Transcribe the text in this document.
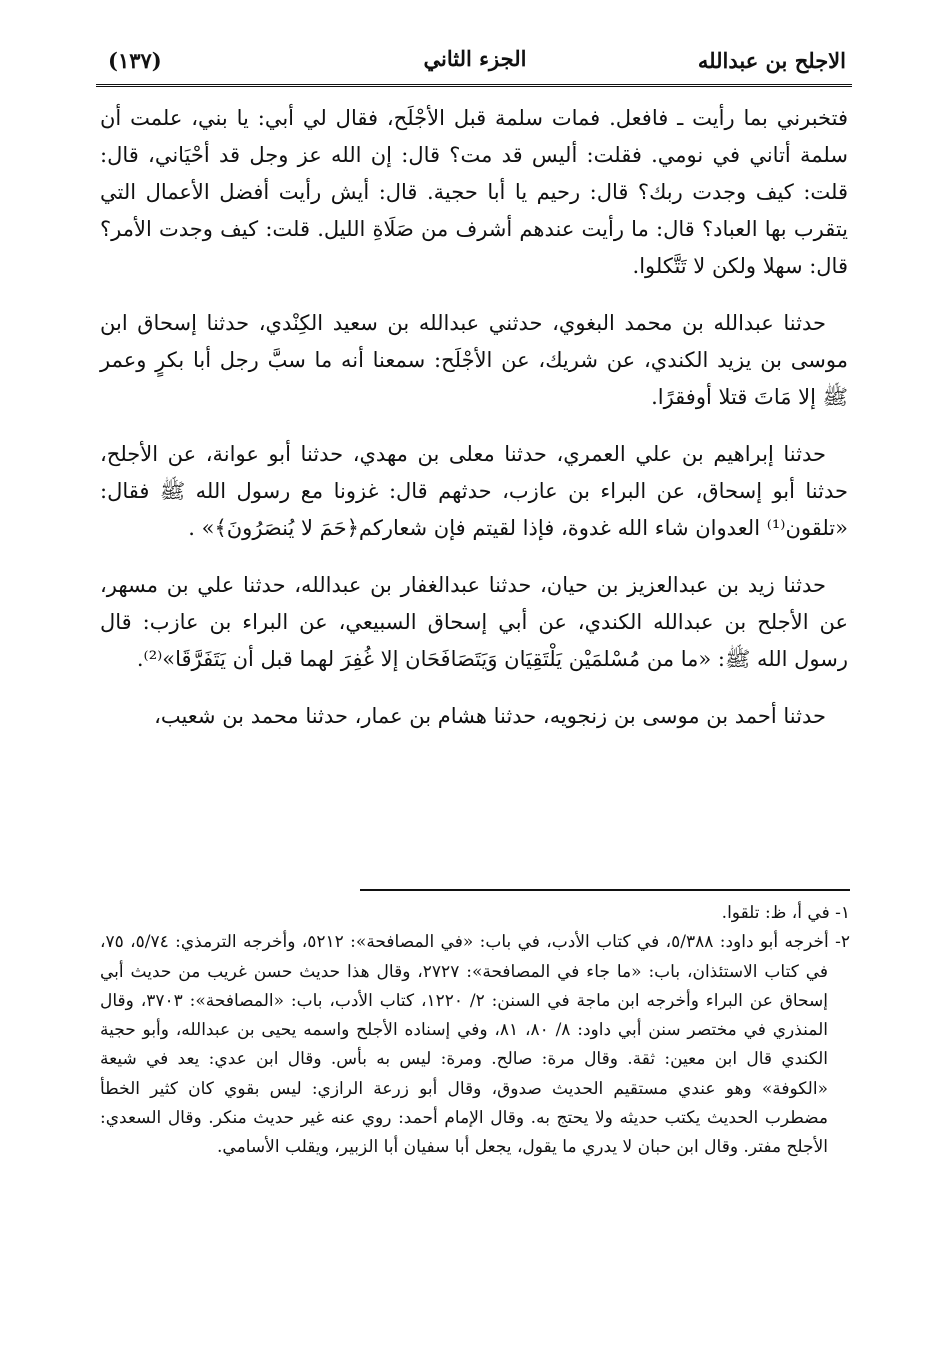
(١٣٧)	الجزء الثاني	الاجلح بن عبدالله

فتخبرني بما رأيت ـ فافعل. فمات سلمة قبل الأجْلَح، فقال لي أبي: يا بني، علمت أن سلمة أتاني في نومي. فقلت: أليس قد مت؟ قال: إن الله عز وجل قد أحْيَاني، قال: قلت: كيف وجدت ربك؟ قال: رحيم يا أبا حجية. قال: أيش رأيت أفضل الأعمال التي يتقرب بها العباد؟ قال: ما رأيت عندهم أشرف من صَلَاةِ الليل. قلت: كيف وجدت الأمر؟ قال: سهلا ولكن لا تَتَّكلوا.

حدثنا عبدالله بن محمد البغوي، حدثني عبدالله بن سعيد الكِنْدي، حدثنا إسحاق ابن موسى بن يزيد الكندي، عن شريك، عن الأجْلَح: سمعنا أنه ما سبَّ رجل أبا بكرٍ وعمر ﷺ إلا مَاتَ قتلا أوفقرًا.

حدثنا إبراهيم بن علي العمري، حدثنا معلى بن مهدي، حدثنا أبو عوانة، عن الأجلح، حدثنا أبو إسحاق، عن البراء بن عازب، حدثهم قال: غزونا مع رسول الله ﷺ فقال: «تلقون⁽¹⁾ العدوان شاء الله غدوة، فإذا لقيتم فإن شعاركم﴿حَمَ لا يُنصَرُونَ﴾» .

حدثنا زيد بن عبدالعزيز بن حيان، حدثنا عبدالغفار بن عبدالله، حدثنا علي بن مسهر، عن الأجلح بن عبدالله الكندي، عن أبي إسحاق السبيعي، عن البراء بن عازب: قال رسول الله ﷺ: «ما من مُسْلمَيْن يَلْتَقِيَان وَيَتَصَافَحَان إلا غُفِرَ لهما قبل أن يَتَفَرَّقَا»⁽²⁾.

حدثنا أحمد بن موسى بن زنجويه، حدثنا هشام بن عمار، حدثنا محمد بن شعيب،

١- في أ، ظ: تلقوا.

٢- أخرجه أبو داود: ٥/٣٨٨، في كتاب الأدب، في باب: «في المصافحة»: ٥٢١٢، وأخرجه الترمذي: ٥/٧٤، ٧٥، في كتاب الاستئذان، باب: «ما جاء في المصافحة»: ٢٧٢٧، وقال هذا حديث حسن غريب من حديث أبي إسحاق عن البراء وأخرجه ابن ماجة في السنن: ٢/ ١٢٢٠، كتاب الأدب، باب: «المصافحة»: ٣٧٠٣، وقال المنذري في مختصر سنن أبي داود: ٨/ ٨٠، ٨١، وفي إسناده الأجلح واسمه يحيى بن عبدالله، وأبو حجية الكندي قال ابن معين: ثقة. وقال مرة: صالح. ومرة: ليس به بأس. وقال ابن عدي: يعد في شيعة «الكوفة» وهو عندي مستقيم الحديث صدوق، وقال أبو زرعة الرازي: ليس بقوي كان كثير الخطأ مضطرب الحديث يكتب حديثه ولا يحتج به. وقال الإمام أحمد: روي عنه غير حديث منكر. وقال السعدي: الأجلح مفتر. وقال ابن حبان لا يدري ما يقول، يجعل أبا سفيان أبا الزبير، ويقلب الأسامي.
